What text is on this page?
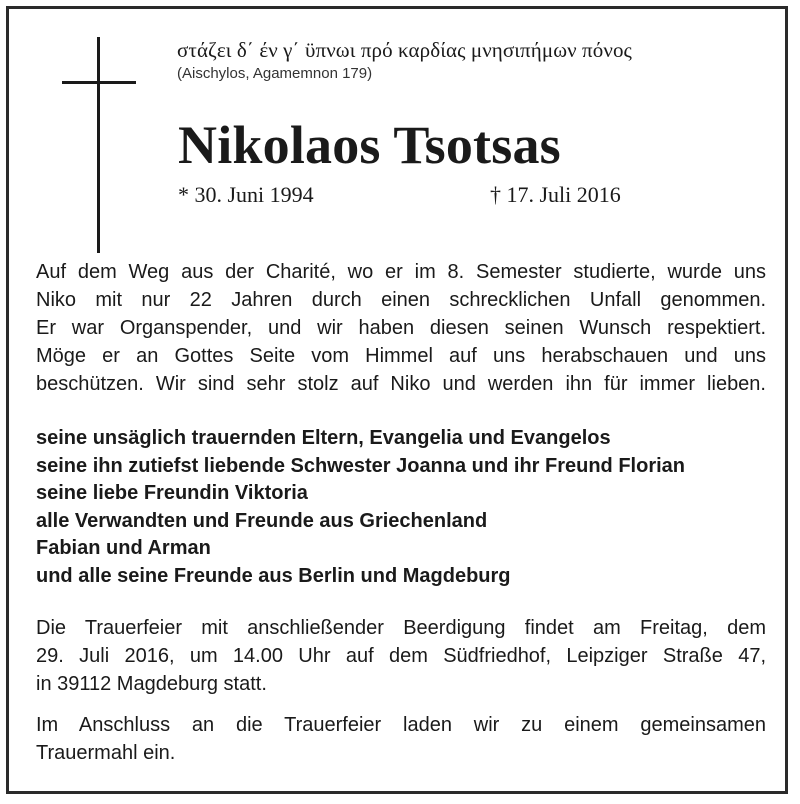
στάζει δ΄ έν γ΄ ϋπνωι πρό καρδίας μνησιπήμων πόνος
(Aischylos, Agamemnon 179)
Nikolaos Tsotsas
* 30. Juni 1994	† 17. Juli 2016
Auf dem Weg aus der Charité, wo er im 8. Semester studierte, wurde uns
Niko mit nur 22 Jahren durch einen schrecklichen Unfall genommen.
Er war Organspender, und wir haben diesen seinen Wunsch respektiert.
Möge er an Gottes Seite vom Himmel auf uns herabschauen und uns
beschützen. Wir sind sehr stolz auf Niko und werden ihn für immer lieben.
seine unsäglich trauernden Eltern, Evangelia und Evangelos
seine ihn zutiefst liebende Schwester Joanna und ihr Freund Florian
seine liebe Freundin Viktoria
alle Verwandten und Freunde aus Griechenland
Fabian und Arman
und alle seine Freunde aus Berlin und Magdeburg
Die Trauerfeier mit anschließender Beerdigung findet am Freitag, dem
29. Juli 2016, um 14.00 Uhr auf dem Südfriedhof, Leipziger Straße 47,
in 39112 Magdeburg statt.
Im Anschluss an die Trauerfeier laden wir zu einem gemeinsamen
Trauermahl ein.
